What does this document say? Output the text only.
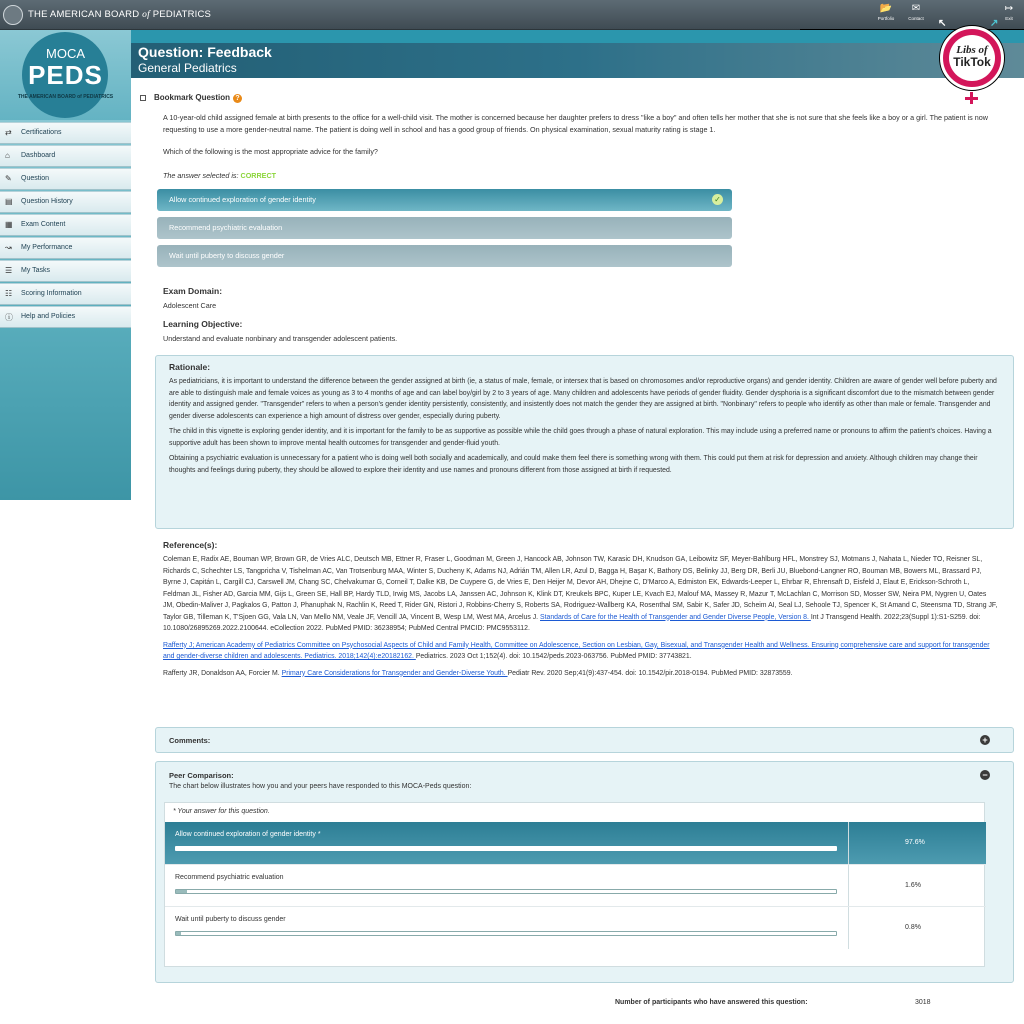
THE AMERICAN BOARD of PEDIATRICS
📂
Portfolio
✉
Contact
↦
Exit
MOCA
PEDS
THE AMERICAN BOARD of PEDIATRICS
⇄ Certifications
⌂ Dashboard
✎ Question
▤ Question History
▦ Exam Content
↝ My Performance
☰ My Tasks
☷ Scoring Information
ⓘ Help and Policies
Question: Feedback
General Pediatrics
↖	↗
Libs of
TikTok
Bookmark Question ?
A 10-year-old child assigned female at birth presents to the office for a well-child visit. The mother is concerned because her daughter prefers to dress "like a boy" and often tells her mother that she is not sure that she feels like a boy or a girl. The patient is now requesting to use a more gender-neutral name. The patient is doing well in school and has a good group of friends. On physical examination, sexual maturity rating is stage 1.
Which of the following is the most appropriate advice for the family?
The answer selected is: CORRECT
Allow continued exploration of gender identity	✓
Recommend psychiatric evaluation
Wait until puberty to discuss gender
Exam Domain:
Adolescent Care
Learning Objective:
Understand and evaluate nonbinary and transgender adolescent patients.
Rationale:

As pediatricians, it is important to understand the difference between the gender assigned at birth (ie, a status of male, female, or intersex that is based on chromosomes and/or reproductive organs) and gender identity. Children are aware of gender well before puberty and are able to distinguish male and female voices as young as 3 to 4 months of age and can label boy/girl by 2 to 3 years of age. Many children and adolescents have periods of gender fluidity. Gender dysphoria is a significant discomfort due to the mismatch between gender identity and assigned gender. "Transgender" refers to when a person's gender identity persistently, consistently, and insistently does not match the gender they are assigned at birth. "Nonbinary" refers to people who identify as other than male or female. Transgender and gender diverse adolescents can experience a high amount of distress over gender, especially during puberty.

The child in this vignette is exploring gender identity, and it is important for the family to be as supportive as possible while the child goes through a phase of natural exploration. This may include using a preferred name or pronouns to affirm the patient's choices. Having a supportive adult has been shown to improve mental health outcomes for transgender and gender-fluid youth.

Obtaining a psychiatric evaluation is unnecessary for a patient who is doing well both socially and academically, and could make them feel there is something wrong with them. This could put them at risk for depression and anxiety. Although children may change their thoughts and feelings during puberty, they should be allowed to explore their identity and use names and pronouns different from those assigned at birth if requested.

Reference(s):

Coleman E, Radix AE, Bouman WP, Brown GR, de Vries ALC, Deutsch MB, Ettner R, Fraser L, Goodman M, Green J, Hancock AB, Johnson TW, Karasic DH, Knudson GA, Leibowitz SF, Meyer-Bahlburg HFL, Monstrey SJ, Motmans J, Nahata L, Nieder TO, Reisner SL, Richards C, Schechter LS, Tangpricha V, Tishelman AC, Van Trotsenburg MAA, Winter S, Ducheny K, Adams NJ, Adrián TM, Allen LR, Azul D, Bagga H, Başar K, Bathory DS, Belinky JJ, Berg DR, Berli JU, Bluebond-Langner RO, Bouman MB, Bowers ML, Brassard PJ, Byrne J, Capitán L, Cargill CJ, Carswell JM, Chang SC, Chelvakumar G, Corneil T, Dalke KB, De Cuypere G, de Vries E, Den Heijer M, Devor AH, Dhejne C, D'Marco A, Edmiston EK, Edwards-Leeper L, Ehrbar R, Ehrensaft D, Eisfeld J, Elaut E, Erickson-Schroth L, Feldman JL, Fisher AD, Garcia MM, Gijs L, Green SE, Hall BP, Hardy TLD, Irwig MS, Jacobs LA, Janssen AC, Johnson K, Klink DT, Kreukels BPC, Kuper LE, Kvach EJ, Malouf MA, Massey R, Mazur T, McLachlan C, Morrison SD, Mosser SW, Neira PM, Nygren U, Oates JM, Obedin-Maliver J, Pagkalos G, Patton J, Phanuphak N, Rachlin K, Reed T, Rider GN, Ristori J, Robbins-Cherry S, Roberts SA, Rodriguez-Wallberg KA, Rosenthal SM, Sabir K, Safer JD, Scheim AI, Seal LJ, Sehoole TJ, Spencer K, St Amand C, Steensma TD, Strang JF, Taylor GB, Tilleman K, T'Sjoen GG, Vala LN, Van Mello NM, Veale JF, Vencill JA, Vincent B, Wesp LM, West MA, Arcelus J. Standards of Care for the Health of Transgender and Gender Diverse People, Version 8. Int J Transgend Health. 2022;23(Suppl 1):S1-S259. doi: 10.1080/26895269.2022.2100644. eCollection 2022. PubMed PMID: 36238954; PubMed Central PMCID: PMC9553112.

Rafferty J; American Academy of Pediatrics Committee on Psychosocial Aspects of Child and Family Health, Committee on Adolescence, Section on Lesbian, Gay, Bisexual, and Transgender Health and Wellness. Ensuring comprehensive care and support for transgender and gender-diverse children and adolescents. Pediatrics. 2018;142(4):e20182162. Pediatrics. 2023 Oct 1;152(4). doi: 10.1542/peds.2023-063756. PubMed PMID: 37743821.

Rafferty JR, Donaldson AA, Forcier M. Primary Care Considerations for Transgender and Gender-Diverse Youth. Pediatr Rev. 2020 Sep;41(9):437-454. doi: 10.1542/pir.2018-0194. PubMed PMID: 32873559.

Comments:	+
Peer Comparison:	−
The chart below illustrates how you and your peers have responded to this MOCA-Peds question:
* Your answer for this question.
Allow continued exploration of gender identity *
97.6%
Recommend psychiatric evaluation
1.6%
Wait until puberty to discuss gender
0.8%
Number of participants who have answered this question:	3018
